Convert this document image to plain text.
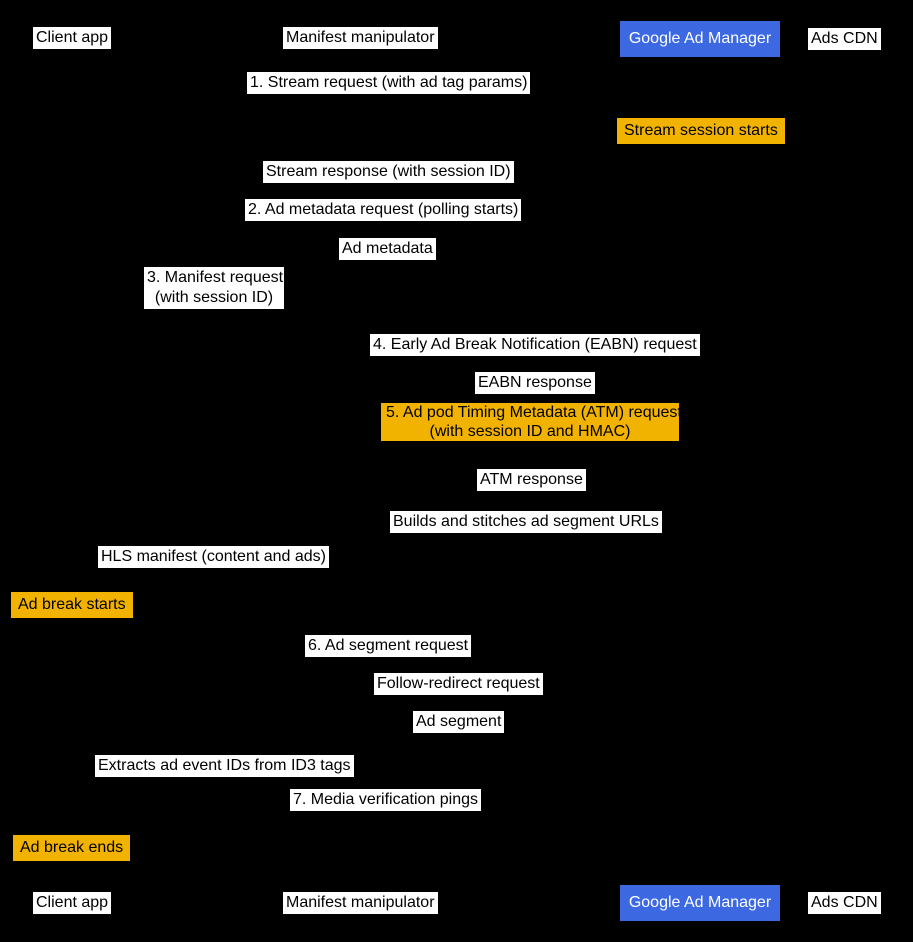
Client app	Manifest manipulator	Google Ad Manager	Ads CDN
1. Stream request (with ad tag params)
Stream session starts
Stream response (with session ID)
2. Ad metadata request (polling starts)
Ad metadata
3. Manifest request
(with session ID)
4. Early Ad Break Notification (EABN) request
EABN response
5. Ad pod Timing Metadata (ATM) request
(with session ID and HMAC)
ATM response
Builds and stitches ad segment URLs
HLS manifest (content and ads)
Ad break starts
6. Ad segment request
Follow-redirect request
Ad segment
Extracts ad event IDs from ID3 tags
7. Media verification pings
Ad break ends
Client app	Manifest manipulator	Google Ad Manager	Ads CDN
